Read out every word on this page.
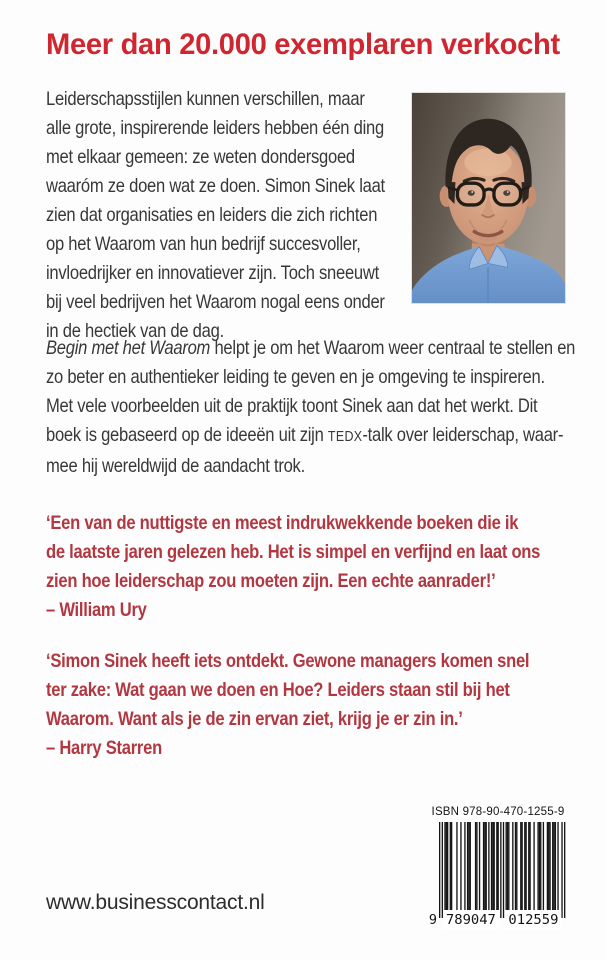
Meer dan 20.000 exemplaren verkocht
Leiderschapsstijlen kunnen verschillen, maar
alle grote, inspirerende leiders hebben één ding
met elkaar gemeen: ze weten dondersgoed
waaróm ze doen wat ze doen. Simon Sinek laat
zien dat organisaties en leiders die zich richten
op het Waarom van hun bedrijf succesvoller,
invloedrijker en innovatiever zijn. Toch sneeuwt
bij veel bedrijven het Waarom nogal eens onder
in de hectiek van de dag.
Begin met het Waarom helpt je om het Waarom weer centraal te stellen en
zo beter en authentieker leiding te geven en je omgeving te inspireren.
Met vele voorbeelden uit de praktijk toont Sinek aan dat het werkt. Dit
boek is gebaseerd op de ideeën uit zijn TEDX-talk over leiderschap, waar-
mee hij wereldwijd de aandacht trok.
‘Een van de nuttigste en meest indrukwekkende boeken die ik
de laatste jaren gelezen heb. Het is simpel en verfijnd en laat ons
zien hoe leiderschap zou moeten zijn. Een echte aanrader!’
– William Ury
‘Simon Sinek heeft iets ontdekt. Gewone managers komen snel
ter zake: Wat gaan we doen en Hoe? Leiders staan stil bij het
Waarom. Want als je de zin ervan ziet, krijg je er zin in.’
– Harry Starren
www.businesscontact.nl
ISBN 978-90-470-1255-9
9 789047 012559
